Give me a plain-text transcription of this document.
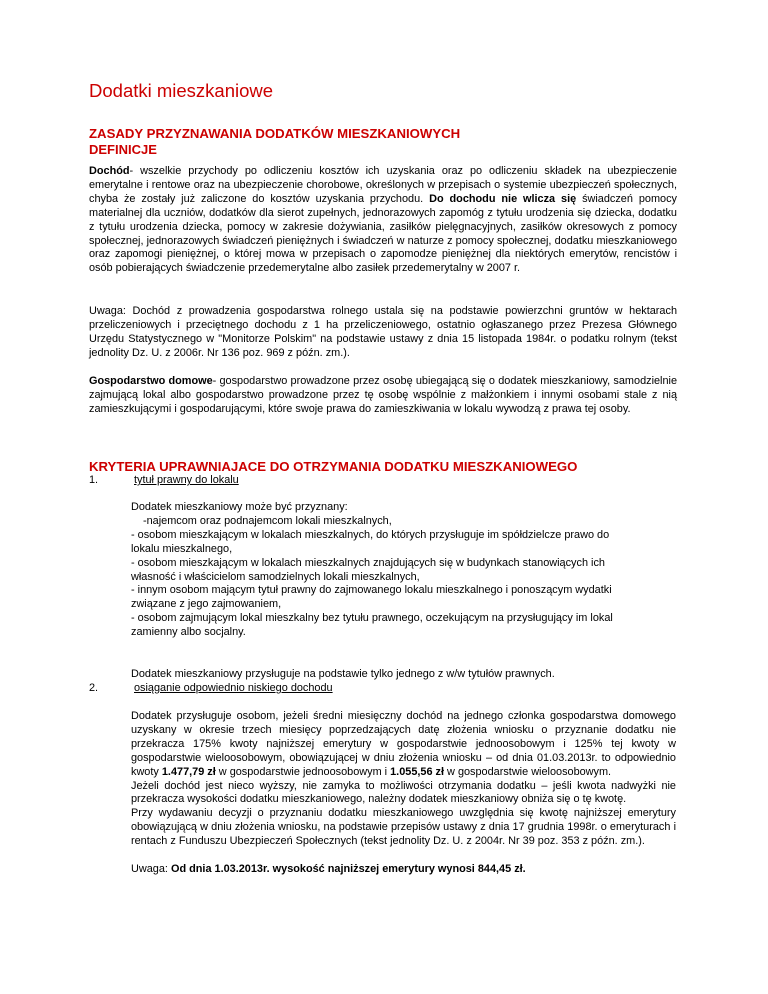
Dodatki mieszkaniowe
ZASADY PRZYZNAWANIA DODATKÓW MIESZKANIOWYCH
DEFINICJE

Dochód- wszelkie przychody po odliczeniu kosztów ich uzyskania oraz po odliczeniu składek na ubezpieczenie emerytalne i rentowe oraz na ubezpieczenie chorobowe, określonych w przepisach o systemie ubezpieczeń społecznych, chyba że zostały już zaliczone do kosztów uzyskania przychodu. Do dochodu nie wlicza się świadczeń pomocy materialnej dla uczniów, dodatków dla sierot zupełnych, jednorazowych zapomóg z tytułu urodzenia się dziecka, dodatku z tytułu urodzenia dziecka, pomocy w zakresie dożywiania, zasiłków pielęgnacyjnych, zasiłków okresowych z pomocy społecznej, jednorazowych świadczeń pieniężnych i świadczeń w naturze z pomocy społecznej, dodatku mieszkaniowego oraz zapomogi pieniężnej, o której mowa w przepisach o zapomodze pieniężnej dla niektórych emerytów, rencistów i osób pobierających świadczenie przedemerytalne albo zasiłek przedemerytalny w 2007 r.

Uwaga: Dochód z prowadzenia gospodarstwa rolnego ustala się na podstawie powierzchni gruntów w hektarach przeliczeniowych i przeciętnego dochodu z 1 ha przeliczeniowego, ostatnio ogłaszanego przez Prezesa Głównego Urzędu Statystycznego w "Monitorze Polskim" na podstawie ustawy z dnia 15 listopada 1984r. o podatku rolnym (tekst jednolity Dz. U. z 2006r. Nr 136 poz. 969 z późn. zm.).

Gospodarstwo domowe- gospodarstwo prowadzone przez osobę ubiegającą się o dodatek mieszkaniowy, samodzielnie zajmującą lokal albo gospodarstwo prowadzone przez tę osobę wspólnie z małżonkiem i innymi osobami stale z nią zamieszkującymi i gospodarującymi, które swoje prawa do zamieszkiwania w lokalu wywodzą z prawa tej osoby.

KRYTERIA UPRAWNIAJACE DO OTRZYMANIA DODATKU MIESZKANIOWEGO
1.	tytuł prawny do lokalu
Dodatek mieszkaniowy może być przyznany:
-najemcom oraz podnajemcom lokali mieszkalnych,
- osobom mieszkającym w lokalach mieszkalnych, do których przysługuje im spółdzielcze prawo do
lokalu mieszkalnego,
- osobom mieszkającym w lokalach mieszkalnych znajdujących się w budynkach stanowiących ich
własność i właścicielom samodzielnych lokali mieszkalnych,
- innym osobom mającym tytuł prawny do zajmowanego lokalu mieszkalnego i ponoszącym wydatki
związane z jego zajmowaniem,
- osobom zajmującym lokal mieszkalny bez tytułu prawnego, oczekującym na przysługujący im lokal
zamienny albo socjalny.

Dodatek mieszkaniowy przysługuje na podstawie tylko jednego z w/w tytułów prawnych.

2.	osiąganie odpowiednio niskiego dochodu
Dodatek przysługuje osobom, jeżeli średni miesięczny dochód na jednego członka gospodarstwa domowego uzyskany w okresie trzech miesięcy poprzedzających datę złożenia wniosku o przyznanie dodatku nie przekracza 175% kwoty najniższej emerytury w gospodarstwie jednoosobowym i 125% tej kwoty w gospodarstwie wieloosobowym, obowiązującej w dniu złożenia wniosku – od dnia 01.03.2013r. to odpowiednio kwoty 1.477,79 zł w gospodarstwie jednoosobowym i 1.055,56 zł w gospodarstwie wieloosobowym.
Jeżeli dochód jest nieco wyższy, nie zamyka to możliwości otrzymania dodatku – jeśli kwota nadwyżki nie przekracza wysokości dodatku mieszkaniowego, należny dodatek mieszkaniowy obniża się o tę kwotę.
Przy wydawaniu decyzji o przyznaniu dodatku mieszkaniowego uwzględnia się kwotę najniższej emerytury obowiązującą w dniu złożenia wniosku, na podstawie przepisów ustawy z dnia 17 grudnia 1998r. o emeryturach i rentach z Funduszu Ubezpieczeń Społecznych (tekst jednolity Dz. U. z 2004r. Nr 39 poz. 353 z późn. zm.).

Uwaga: Od dnia 1.03.2013r. wysokość najniższej emerytury wynosi 844,45 zł.
